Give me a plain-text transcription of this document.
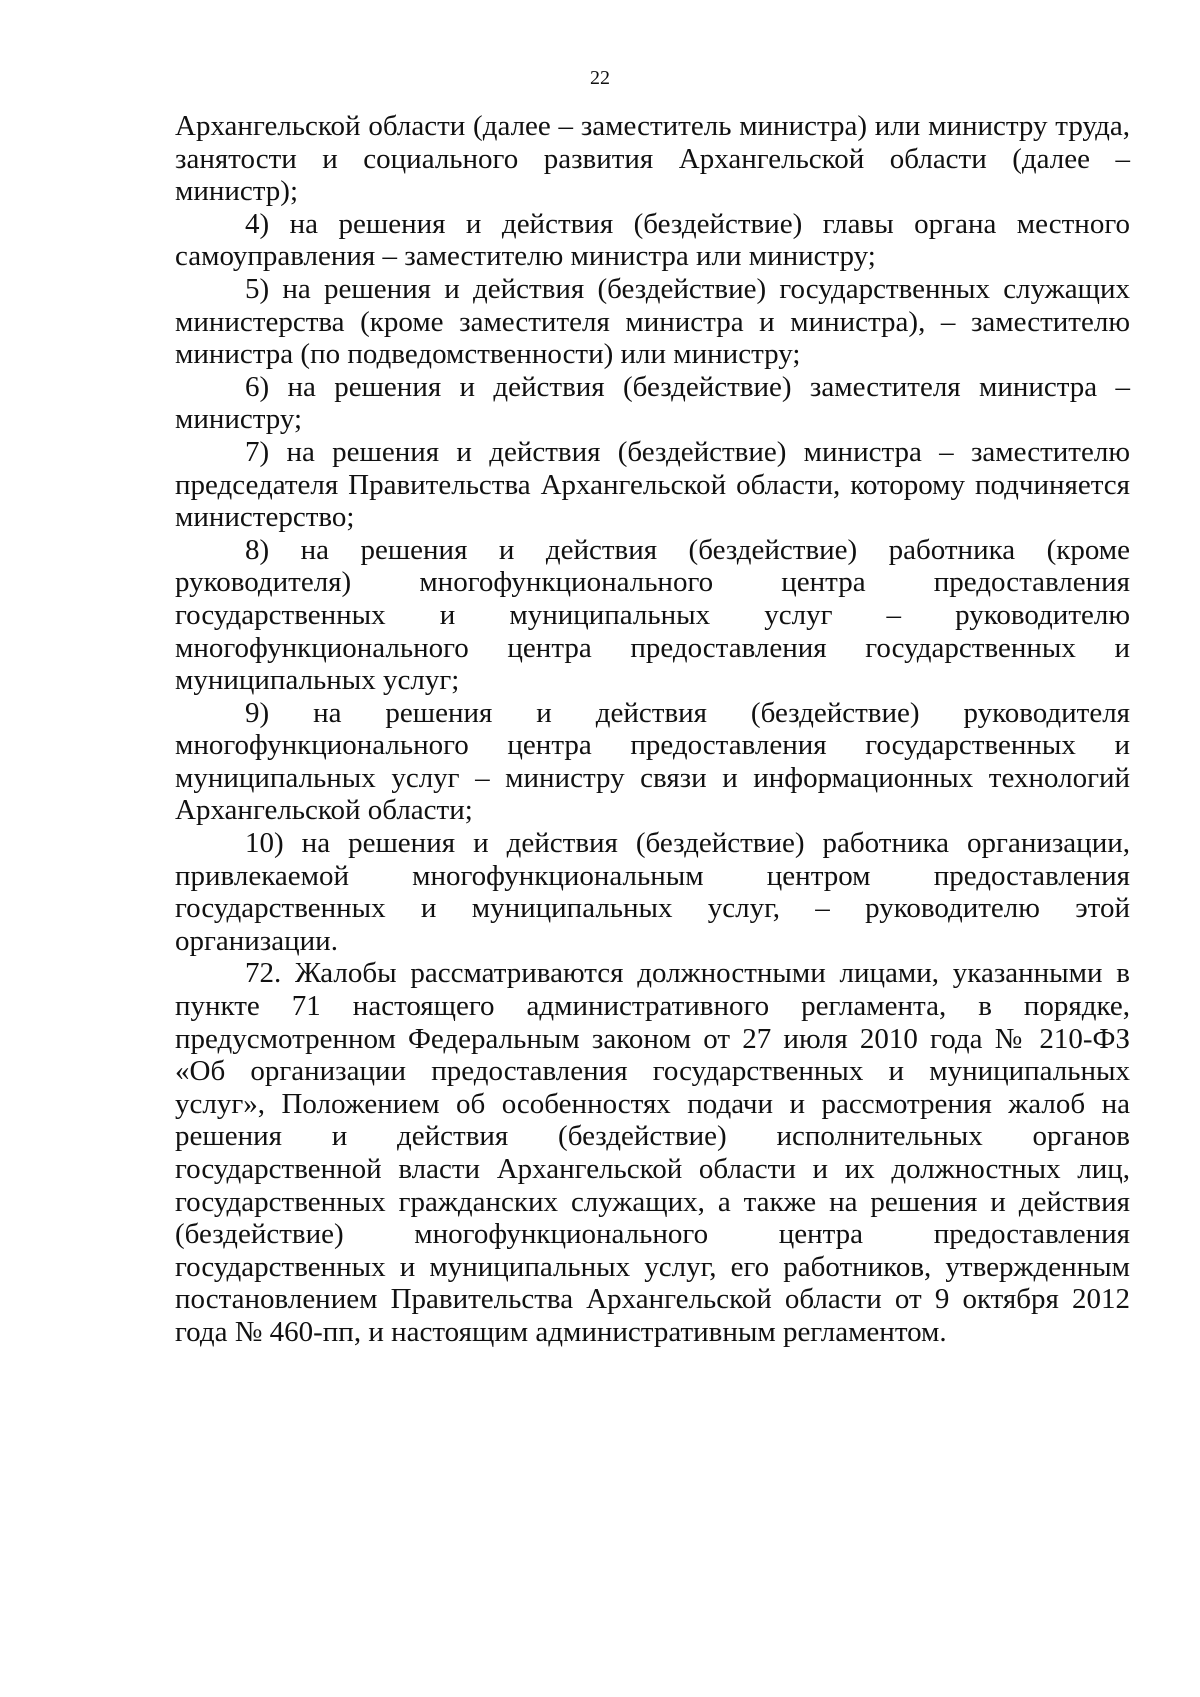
22

Архангельской области (далее – заместитель министра) или министру труда, занятости и социального развития Архангельской области (далее – министр);

4) на решения и действия (бездействие) главы органа местного самоуправления – заместителю министра или министру;

5) на решения и действия (бездействие) государственных служащих министерства (кроме заместителя министра и министра), – заместителю министра (по подведомственности) или министру;

6) на решения и действия (бездействие) заместителя министра – министру;

7) на решения и действия (бездействие) министра – заместителю председателя Правительства Архангельской области, которому подчиняется министерство;

8) на решения и действия (бездействие) работника (кроме руководителя) многофункционального центра предоставления государственных и муниципальных услуг – руководителю многофункционального центра предоставления государственных и муниципальных услуг;

9) на решения и действия (бездействие) руководителя многофункционального центра предоставления государственных и муниципальных услуг – министру связи и информационных технологий Архангельской области;

10) на решения и действия (бездействие) работника организации, привлекаемой многофункциональным центром предоставления государственных и муниципальных услуг, – руководителю этой организации.

72. Жалобы рассматриваются должностными лицами, указанными в пункте 71 настоящего административного регламента, в порядке, предусмотренном Федеральным законом от 27 июля 2010 года № 210-ФЗ «Об организации предоставления государственных и муниципальных услуг», Положением об особенностях подачи и рассмотрения жалоб на решения и действия (бездействие) исполнительных органов государственной власти Архангельской области и их должностных лиц, государственных гражданских служащих, а также на решения и действия (бездействие) многофункционального центра предоставления государственных и муниципальных услуг, его работников, утвержденным постановлением Правительства Архангельской области от 9 октября 2012 года № 460-пп, и настоящим административным регламентом.
